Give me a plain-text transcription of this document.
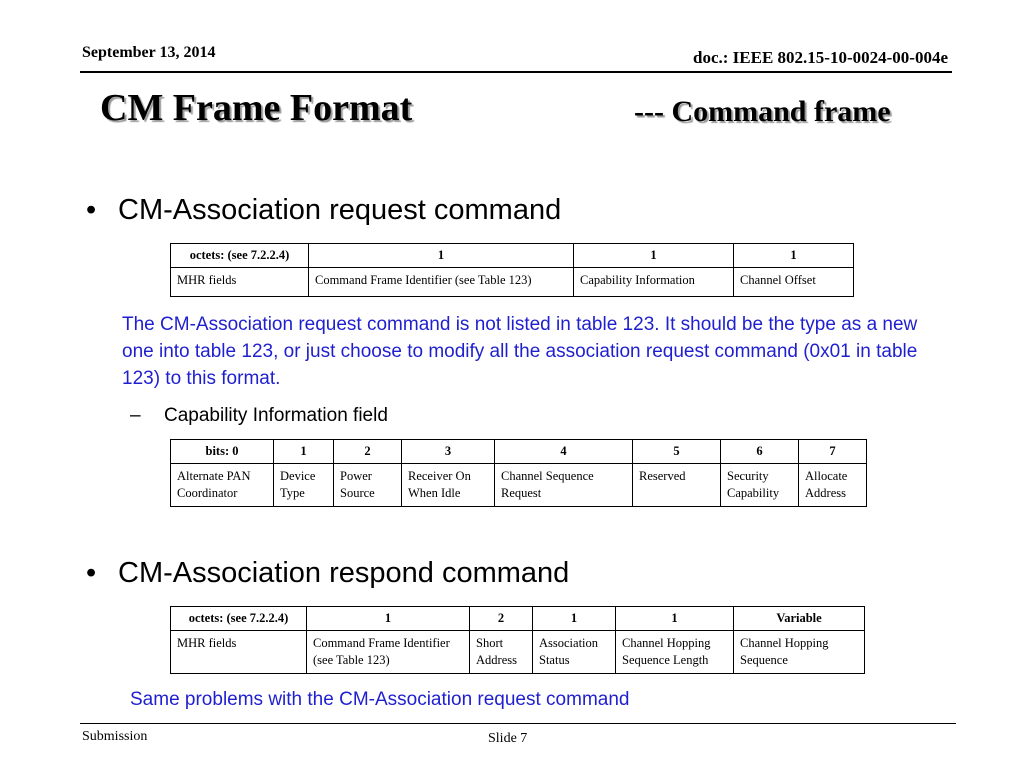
September 13, 2014	doc.: IEEE 802.15-10-0024-00-004e
CM Frame Format	--- Command frame
• CM-Association request command
octets: (see 7.2.2.4)	1	1	1
MHR fields	Command Frame Identifier (see Table 123)	Capability Information	Channel Offset
The CM-Association request command is not listed in table 123. It should be the type as a new one into table 123, or just choose to modify all the association request command (0x01 in table 123) to this format.
– Capability Information field
bits: 0	1	2	3	4	5	6	7
Alternate PAN Coordinator	Device Type	Power Source	Receiver On When Idle	Channel Sequence Request	Reserved	Security Capability	Allocate Address
• CM-Association respond command
octets: (see 7.2.2.4)	1	2	1	1	Variable
MHR fields	Command Frame Identifier (see Table 123)	Short Address	Association Status	Channel Hopping Sequence Length	Channel Hopping Sequence
Same problems with the CM-Association request command
Submission	Slide 7
